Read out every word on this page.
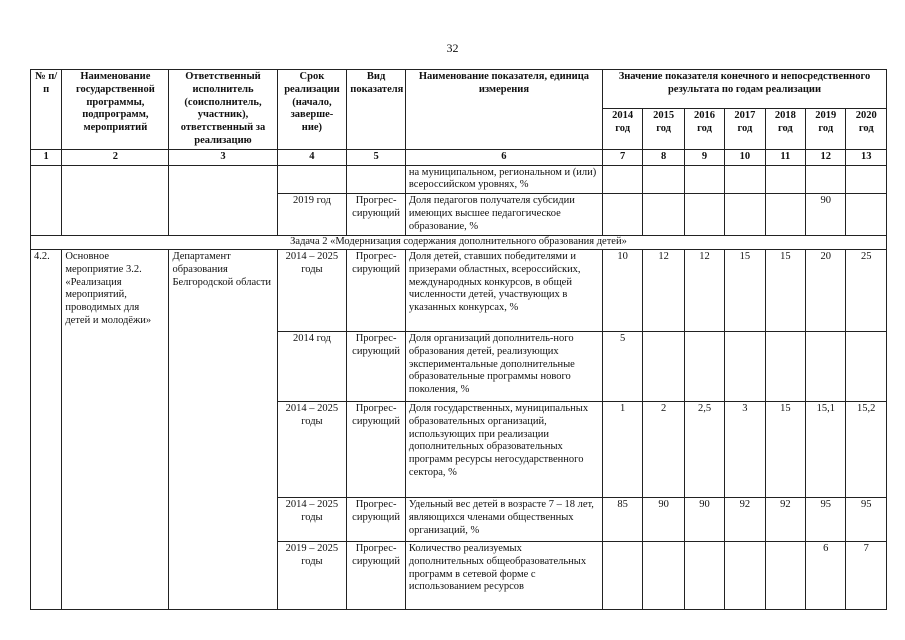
32
№ п/п	Наименование государственной программы, подпрограмм, мероприятий	Ответственный исполнитель (соисполнитель, участник), ответственный за реализацию	Срок реализации (начало, заверше-ние)	Вид показателя	Наименование показателя, единица измерения	Значение показателя конечного и непосредственного результата по годам реализации						
						2014 год	2015 год	2016 год	2017 год	2018 год	2019 год	2020 год
1	2	3	4	5	6	7	8	9	10	11	12	13
					на муниципальном, региональном и (или) всероссийском уровнях, %							
			2019 год	Прогрес-сирующий	Доля педагогов получателя субсидии имеющих высшее педагогическое образование, %						90	
Задача 2 «Модернизация содержания дополнительного образования детей»												
4.2.	Основное мероприятие 3.2. «Реализация мероприятий, проводимых для детей и молодёжи»	Департамент образования Белгородской области	2014 – 2025 годы	Прогрес-сирующий	Доля детей, ставших победителями и призерами областных, всероссийских, международных конкурсов, в общей численности детей, участвующих в указанных конкурсах, %	10	12	12	15	15	20	25
			2014 год	Прогрес-сирующий	Доля организаций дополнитель-ного образования детей, реализующих экспериментальные дополнительные образовательные программы нового поколения, %	5						
			2014 – 2025 годы	Прогрес-сирующий	Доля государственных, муниципальных образовательных организаций, использующих при реализации дополнительных образовательных программ ресурсы негосударственного сектора, %	1	2	2,5	3	15	15,1	15,2
			2014 – 2025 годы	Прогрес-сирующий	Удельный вес детей в возрасте 7 – 18 лет, являющихся членами общественных организаций, %	85	90	90	92	92	95	95
			2019 – 2025 годы	Прогрес-сирующий	Количество реализуемых дополнительных общеобразовательных программ в сетевой форме с использованием ресурсов						6	7
